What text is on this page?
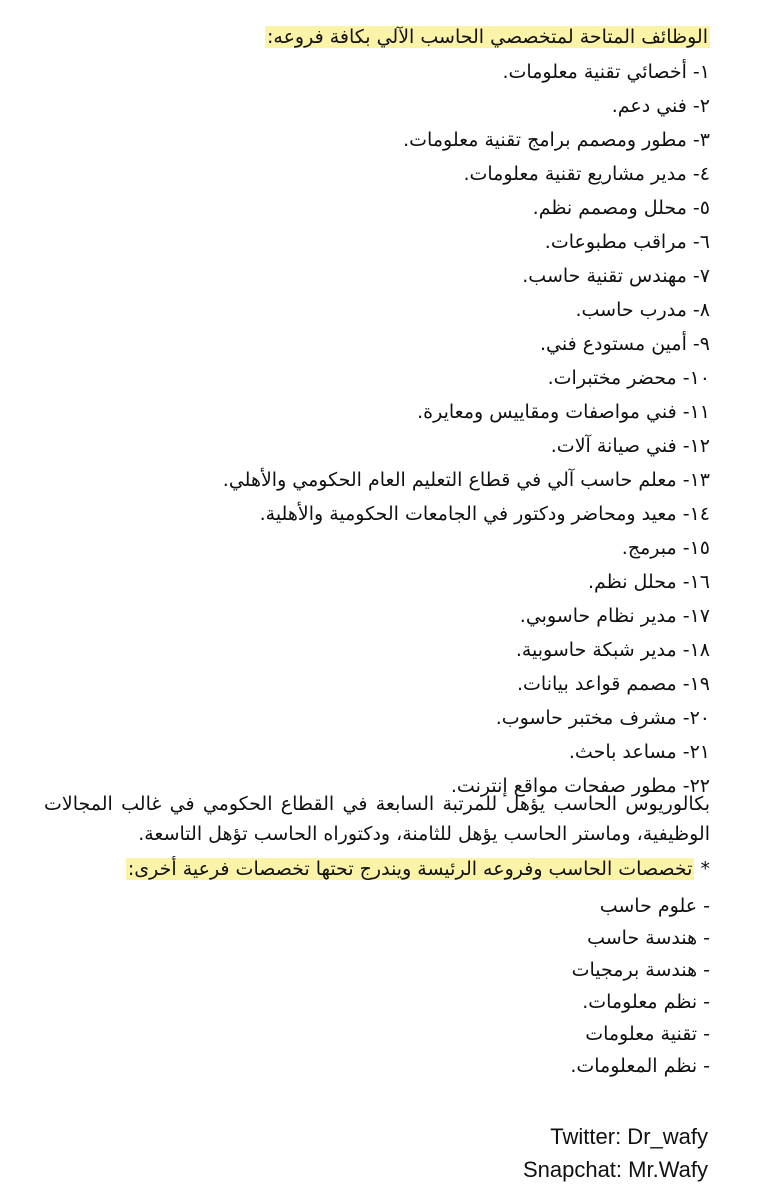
الوظائف المتاحة لمتخصصي الحاسب الآلي بكافة فروعه:
١- أخصائي تقنية معلومات.
٢- فني دعم.
٣- مطور ومصمم برامج تقنية معلومات.
٤- مدير مشاريع تقنية معلومات.
٥- محلل ومصمم نظم.
٦- مراقب مطبوعات.
٧- مهندس تقنية حاسب.
٨- مدرب حاسب.
٩- أمين مستودع فني.
١٠- محضر مختبرات.
١١- فني مواصفات ومقاييس ومعايرة.
١٢- فني صيانة آلات.
١٣- معلم حاسب آلي في قطاع التعليم العام الحكومي والأهلي.
١٤- معيد ومحاضر ودكتور في الجامعات الحكومية والأهلية.
١٥- مبرمج.
١٦- محلل نظم.
١٧- مدير نظام حاسوبي.
١٨- مدير شبكة حاسوبية.
١٩- مصمم قواعد بيانات.
٢٠- مشرف مختبر حاسوب.
٢١- مساعد باحث.
٢٢- مطور صفحات مواقع إنترنت.
بكالوريوس الحاسب يؤهل للمرتبة السابعة في القطاع الحكومي في غالب المجالات الوظيفية، وماستر الحاسب يؤهل للثامنة، ودكتوراه الحاسب تؤهل التاسعة.
* تخصصات الحاسب وفروعه الرئيسة ويندرج تحتها تخصصات فرعية أخرى:
- علوم حاسب
- هندسة حاسب
- هندسة برمجيات
- نظم معلومات.
- تقنية معلومات
- نظم المعلومات.
Twitter: Dr_wafy
Snapchat: Mr.Wafy
